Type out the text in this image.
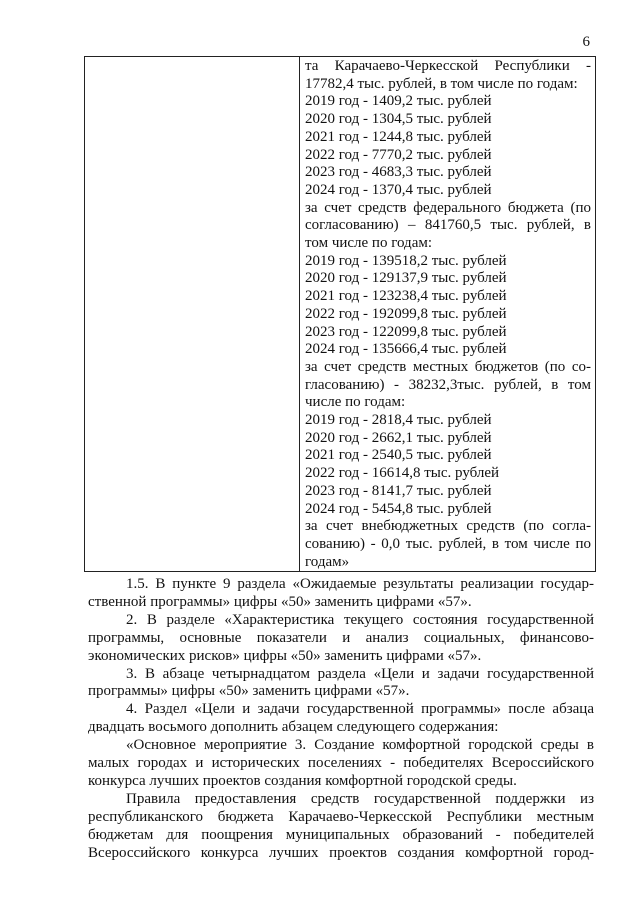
6

та Карачаево-Черкесской Республики -
17782,4 тыс. рублей, в том числе по годам:
2019 год - 1409,2 тыс. рублей
2020 год - 1304,5 тыс. рублей
2021 год - 1244,8 тыс. рублей
2022 год - 7770,2 тыс. рублей
2023 год - 4683,3 тыс. рублей
2024 год - 1370,4 тыс. рублей
за счет средств федерального бюджета (по
согласованию) – 841760,5 тыс. рублей, в
том числе по годам:
2019 год - 139518,2 тыс. рублей
2020 год - 129137,9 тыс. рублей
2021 год - 123238,4 тыс. рублей
2022 год - 192099,8 тыс. рублей
2023 год - 122099,8 тыс. рублей
2024 год - 135666,4 тыс. рублей
за счет средств местных бюджетов (по со-
гласованию) - 38232,3тыс. рублей, в том
числе по годам:
2019 год - 2818,4 тыс. рублей
2020 год - 2662,1 тыс. рублей
2021 год - 2540,5 тыс. рублей
2022 год - 16614,8 тыс. рублей
2023 год - 8141,7 тыс. рублей
2024 год - 5454,8 тыс. рублей
за счет внебюджетных средств (по согла-
сованию) - 0,0 тыс. рублей, в том числе по
годам»
1.5. В пункте 9 раздела «Ожидаемые результаты реализации государ-
ственной программы» цифры «50» заменить цифрами «57».
2. В разделе «Характеристика текущего состояния государственной
программы, основные показатели и анализ социальных, финансово-
экономических рисков» цифры «50» заменить цифрами «57».
3. В абзаце четырнадцатом раздела «Цели и задачи государственной
программы» цифры «50» заменить цифрами «57».
4. Раздел «Цели и задачи государственной программы» после абзаца
двадцать восьмого дополнить абзацем следующего содержания:
«Основное мероприятие 3. Создание комфортной городской среды в
малых городах и исторических поселениях - победителях Всероссийского
конкурса лучших проектов создания комфортной городской среды.
Правила предоставления средств государственной поддержки из
республиканского бюджета Карачаево-Черкесской Республики местным
бюджетам для поощрения муниципальных образований - победителей
Всероссийского конкурса лучших проектов создания комфортной город-
